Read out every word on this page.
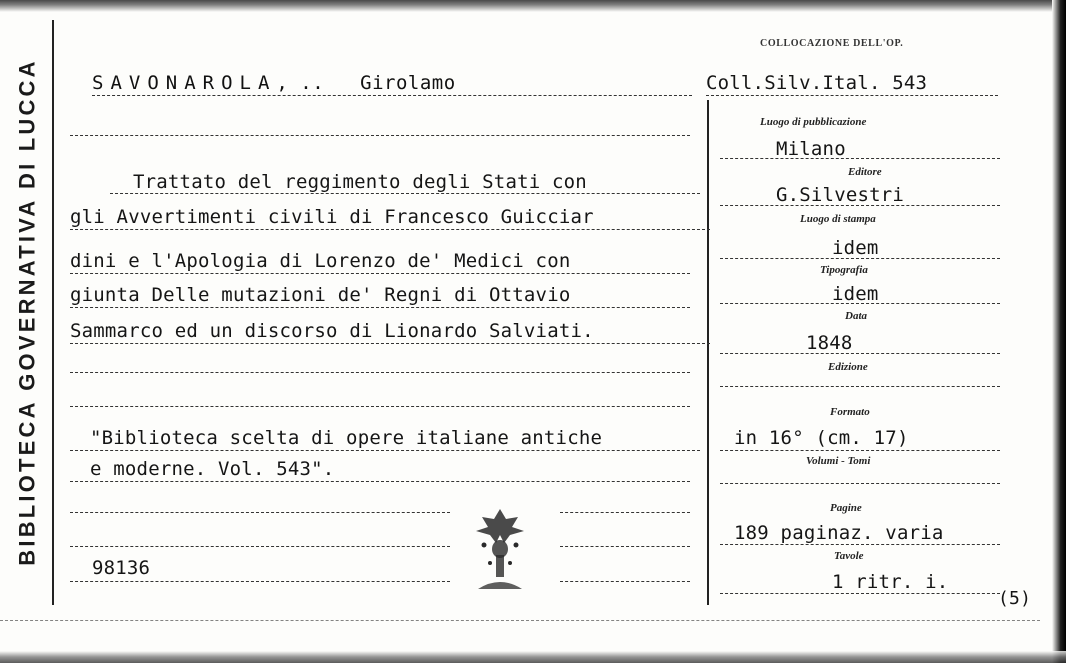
BIBLIOTECA GOVERNATIVA DI LUCCA
COLLOCAZIONE DELL'OP.
SAVONAROLA, .. Girolamo	Coll.Silv.Ital. 543
Trattato del reggimento degli Stati con
gli Avvertimenti civili di Francesco Guicciar
dini e l'Apologia di Lorenzo de' Medici con
giunta Delle mutazioni de' Regni di Ottavio
Sammarco ed un discorso di Lionardo Salviati.
"Biblioteca scelta di opere italiane antiche
e moderne. Vol. 543".
98136
Luogo di pubblicazione
Milano
Editore
G.Silvestri
Luogo di stampa
idem
Tipografia
idem
Data
1848
Edizione
Formato
in 16° (cm. 17)
Volumi - Tomi
Pagine
189 paginaz. varia
Tavole
1 ritr. i.
(5)
